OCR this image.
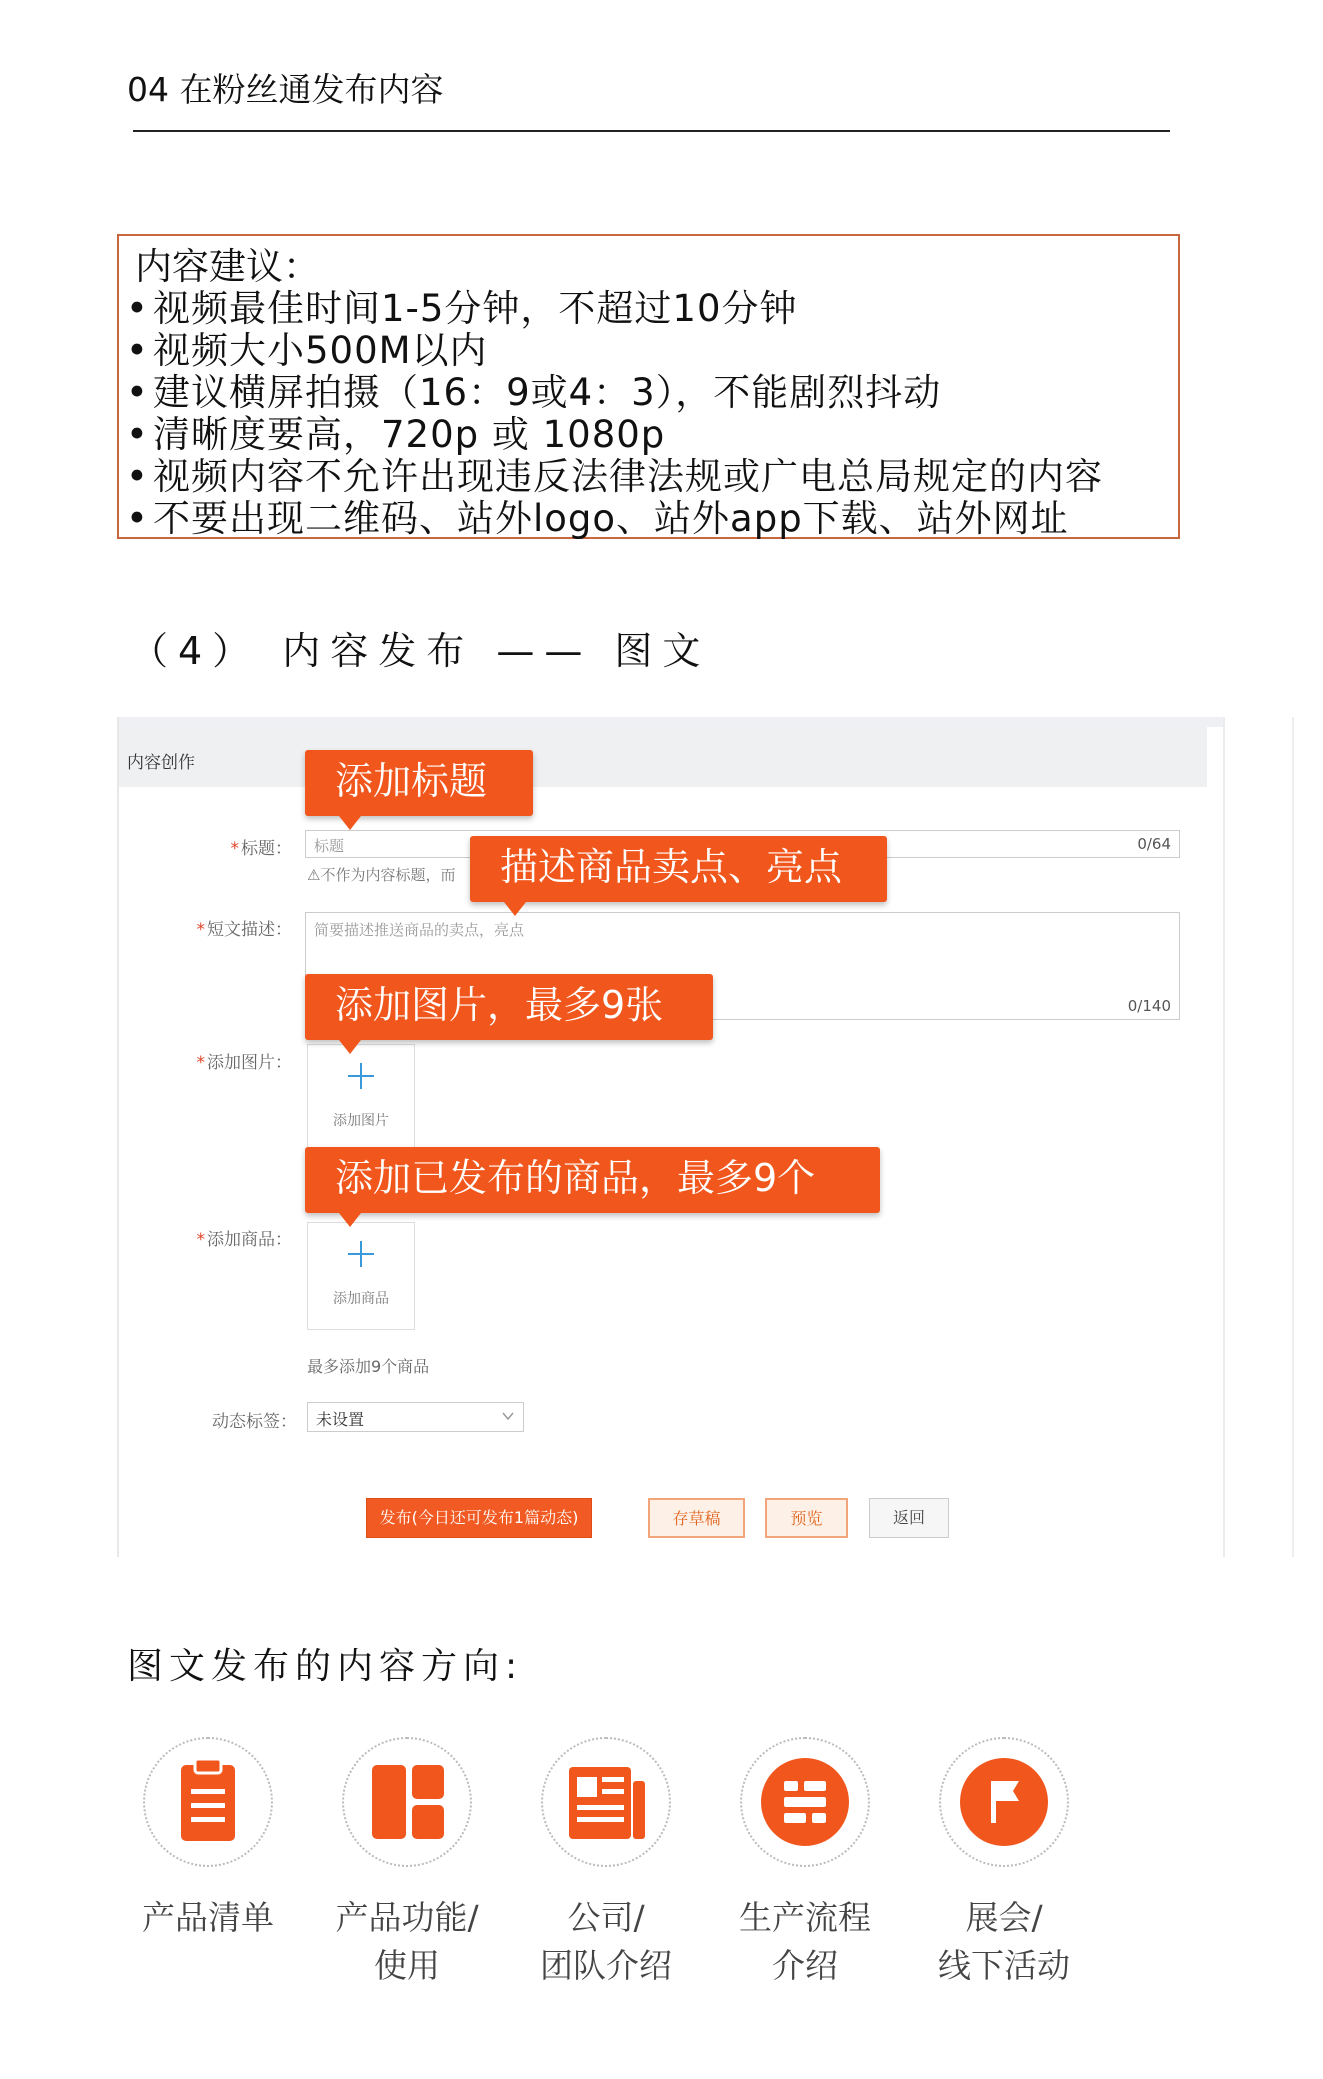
04 在粉丝通发布内容
内容建议：
• 视频最佳时间1-5分钟，不超过10分钟
• 视频大小500M以内
• 建议横屏拍摄（16：9或4：3），不能剧烈抖动
• 清晰度要高，720p 或 1080p
• 视频内容不允许出现违反法律法规或广电总局规定的内容
• 不要出现二维码、站外logo、站外app下载、站外网址
（4） 内容发布 —— 图文
内容创作
* 标题： 标题	0/64
⚠不作为内容标题，而
* 短文描述： 简要描述推送商品的卖点，亮点
0/140
* 添加图片：
添加图片
* 添加商品：
添加商品
最多添加9个商品
动态标签： 未设置
发布(今日还可发布1篇动态)	存草稿	预览	返回
添加标题
描述商品卖点、亮点
添加图片，最多9张
添加已发布的商品，最多9个
图文发布的内容方向:
产品清单	产品功能/
使用
公司/
团队介绍
生产流程
介绍
展会/
线下活动
